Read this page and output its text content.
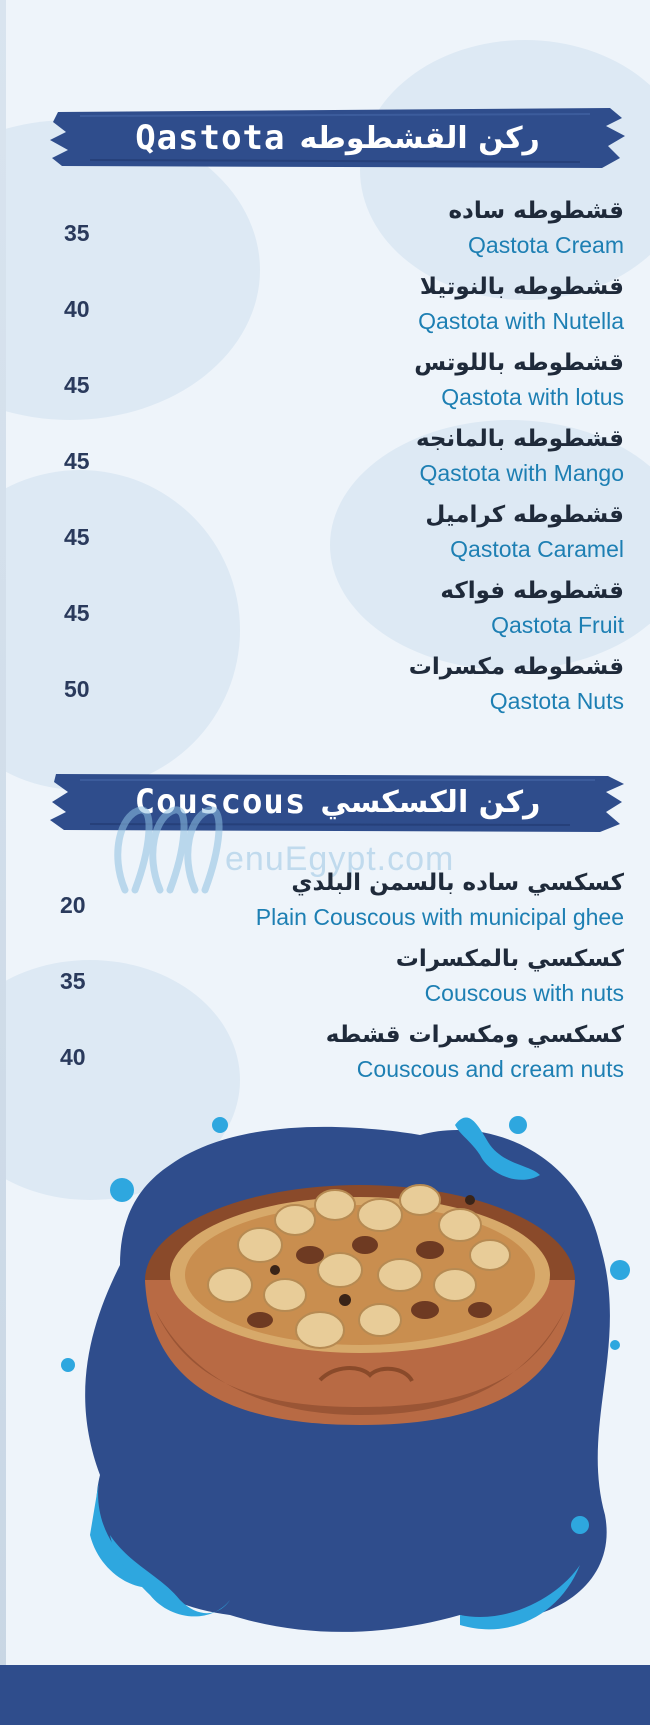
Qastota ركن القشطوطه
قشطوطه ساده
Qastota Cream
35
قشطوطه بالنوتيلا
Qastota with Nutella
40
قشطوطه باللوتس
Qastota with lotus
45
قشطوطه بالمانجه
Qastota with Mango
45
قشطوطه كراميل
Qastota Caramel
45
قشطوطه فواكه
Qastota Fruit
45
قشطوطه مكسرات
Qastota Nuts
50
Couscous ركن الكسكسي
enuEgypt.com
كسكسي ساده بالسمن البلدي
Plain Couscous with municipal ghee
20
كسكسي بالمكسرات
Couscous with nuts
35
كسكسي ومكسرات قشطه
Couscous and cream nuts
40
